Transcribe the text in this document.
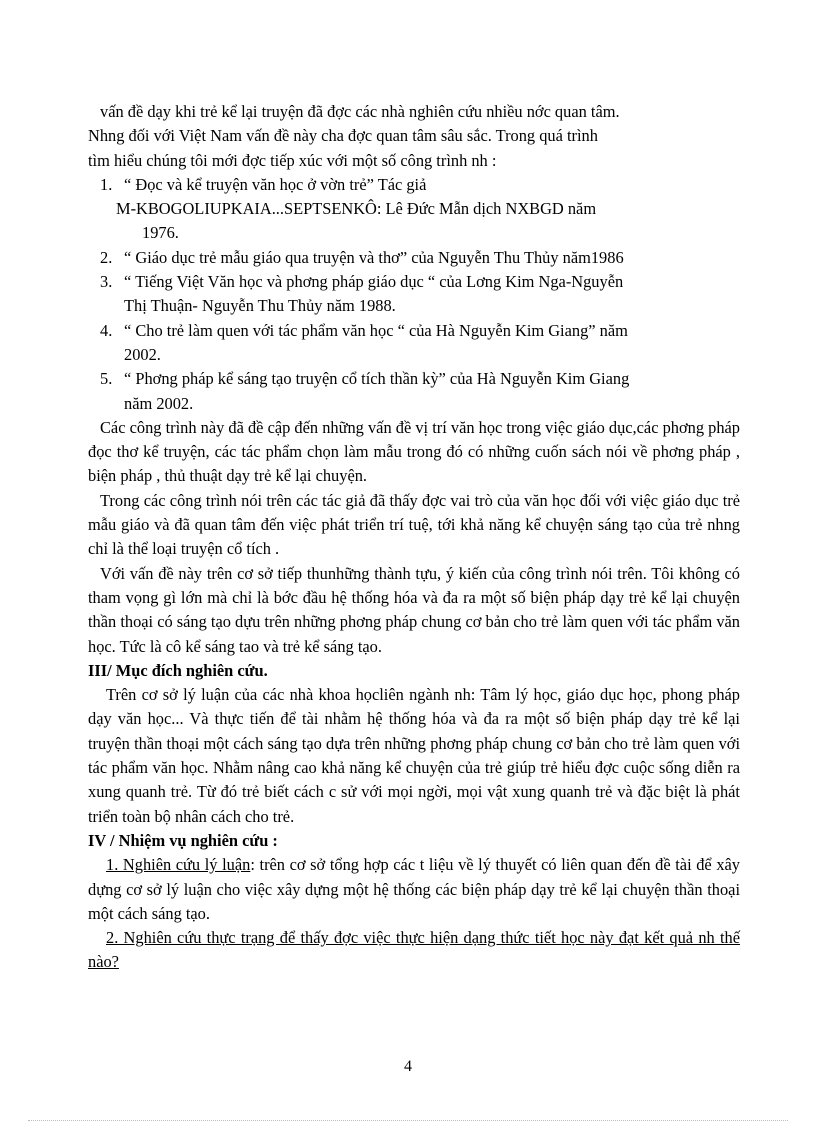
vấn đề dạy khi trẻ kể lại truyện đã đợc các nhà nghiên cứu nhiều nớc quan tâm.
Nhng đối với Việt Nam vấn đề này cha đợc quan tâm sâu sắc. Trong quá trình
tìm hiểu chúng tôi mới đợc tiếp xúc với một số công trình nh :

1. “ Đọc và kể truyện văn học ở vờn trẻ” Tác giả
M-KBOGOLIUPKAIA...SEPTSENKÔ: Lê Đức Mẫn dịch NXBGD năm
1976.
2. “ Giáo dục trẻ mẫu giáo qua truyện và thơ” của Nguyễn Thu Thủy năm1986
3. “ Tiếng Việt Văn học và phơng pháp giáo dục “ của Lơng Kim Nga-Nguyễn
Thị Thuận- Nguyễn Thu Thủy năm 1988.
4. “ Cho trẻ làm quen với tác phẩm văn học “ của Hà Nguyễn Kim Giang” năm
2002.
5. “ Phơng pháp kể sáng tạo truyện cổ tích thần kỳ” của Hà Nguyễn Kim Giang
năm 2002.

Các công trình này đã đề cập đến những vấn đề vị trí văn học trong việc giáo dục,các phơng pháp đọc thơ kể truyện, các tác phẩm chọn làm mẫu trong đó có những cuốn sách nói về phơng pháp , biện pháp , thủ thuật dạy trẻ kể lại chuyện.

Trong các công trình nói trên các tác giả đã thấy đợc vai trò của văn học đối với việc giáo dục trẻ mẫu giáo và đã quan tâm đến việc phát triển trí tuệ, tới khả năng kể chuyện sáng tạo của trẻ nhng chỉ là thể loại truyện cổ tích .

Với vấn đề này trên cơ sở tiếp thunhững thành tựu, ý kiến của công trình nói trên. Tôi không có tham vọng gì lớn mà chỉ là bớc đầu hệ thống hóa và đa ra một số biện pháp dạy trẻ kể lại chuyện thần thoại có sáng tạo dựu trên những phơng pháp chung cơ bản cho trẻ làm quen với tác phẩm văn học. Tức là cô kể sáng tao và trẻ kể sáng tạo.

III/ Mục đích nghiên cứu.

Trên cơ sở lý luận của các nhà khoa họcliên ngành nh: Tâm lý học, giáo dục học, phong pháp dạy văn học... Và thực tiến để tài nhằm hệ thống hóa và đa ra một số biện pháp dạy trẻ kể lại truyện thần thoại một cách sáng tạo dựa trên những phơng pháp chung cơ bản cho trẻ làm quen với tác phẩm văn học. Nhằm nâng cao khả năng kể chuyện của trẻ giúp trẻ hiểu đợc cuộc sống diễn ra xung quanh trẻ. Từ đó trẻ biết cách c sử với mọi ngời, mọi vật xung quanh trẻ và đặc biệt là phát triển toàn bộ nhân cách cho trẻ.

IV / Nhiệm vụ nghiên cứu :

1. Nghiên cứu lý luận: trên cơ sở tổng hợp các t liệu về lý thuyết có liên quan đến đề tài để xây dựng cơ sở lý luận cho việc xây dựng một hệ thống các biện pháp dạy trẻ kể lại chuyện thần thoại một cách sáng tạo.

2. Nghiên cứu thực trạng để thấy đợc việc thực hiện dạng thức tiết học này đạt kết quả nh thế nào?

4
